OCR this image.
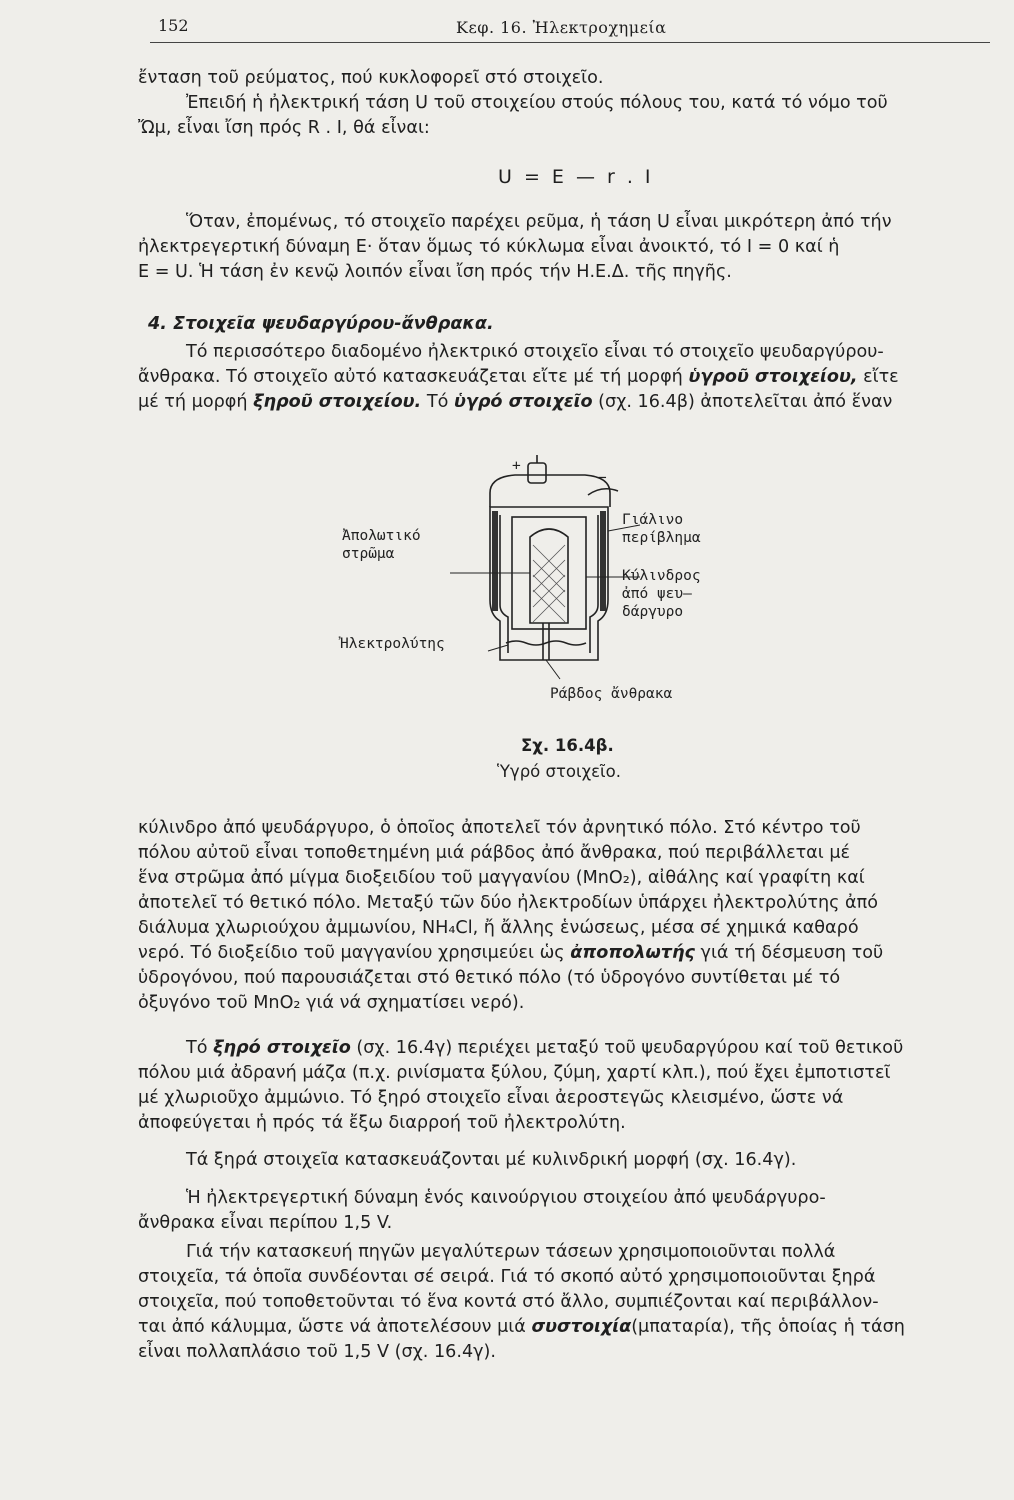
152	Κεφ. 16. Ἠλεκτροχημεία
ἔνταση τοῦ ρεύματος, πού κυκλοφορεῖ στό στοιχεῖο.
Ἐπειδή ἡ ἠλεκτρική τάση U τοῦ στοιχείου στούς πόλους του, κατά τό νόμο τοῦ
Ὤμ, εἶναι ἴση πρός R . I, θά εἶναι:
U = E — r . I
Ὅταν, ἐπομένως, τό στοιχεῖο παρέχει ρεῦμα, ἡ τάση U εἶναι μικρότερη ἀπό τήν
ἠλεκτρεγερτική δύναμη Ε· ὅταν ὅμως τό κύκλωμα εἶναι ἀνοικτό, τό I = 0 καί ἡ
E = U. Ἡ τάση ἐν κενῷ λοιπόν εἶναι ἴση πρός τήν Η.Ε.Δ. τῆς πηγῆς.
4. Στοιχεῖα ψευδαργύρου-ἄνθρακα.
Τό περισσότερο διαδομένο ἠλεκτρικό στοιχεῖο εἶναι τό στοιχεῖο ψευδαργύρου-
ἄνθρακα. Τό στοιχεῖο αὐτό κατασκευάζεται εἴτε μέ τή μορφή ὑγροῦ στοιχείου, εἴτε
μέ τή μορφή ξηροῦ στοιχείου. Τό ὑγρό στοιχεῖο (σχ. 16.4β) ἀποτελεῖται ἀπό ἕναν
+
−
Ἀπολωτικό
στρῶμα
Γιάλινο
περίβλημα
Κύλινδρος
ἀπό ψευ–
δάργυρο
Ἠλεκτρολύτης
Ράβδος ἄνθρακα
Σχ. 16.4β.
Ὑγρό στοιχεῖο.
κύλινδρο ἀπό ψευδάργυρο, ὁ ὁποῖος ἀποτελεῖ τόν ἀρνητικό πόλο. Στό κέντρο τοῦ
πόλου αὐτοῦ εἶναι τοποθετημένη μιά ράβδος ἀπό ἄνθρακα, πού περιβάλλεται μέ
ἕνα στρῶμα ἀπό μίγμα διοξειδίου τοῦ μαγγανίου (MnO₂), αἰθάλης καί γραφίτη καί
ἀποτελεῖ τό θετικό πόλο. Μεταξύ τῶν δύο ἠλεκτροδίων ὑπάρχει ἠλεκτρολύτης ἀπό
διάλυμα χλωριούχου ἀμμωνίου, NH₄Cl, ἤ ἄλλης ἑνώσεως, μέσα σέ χημικά καθαρό
νερό. Τό διοξείδιο τοῦ μαγγανίου χρησιμεύει ὡς ἀποπολωτής γιά τή δέσμευση τοῦ
ὑδρογόνου, πού παρουσιάζεται στό θετικό πόλο (τό ὑδρογόνο συντίθεται μέ τό
ὀξυγόνο τοῦ MnO₂ γιά νά σχηματίσει νερό).
Τό ξηρό στοιχεῖο (σχ. 16.4γ) περιέχει μεταξύ τοῦ ψευδαργύρου καί τοῦ θετικοῦ
πόλου μιά ἀδρανή μάζα (π.χ. ρινίσματα ξύλου, ζύμη, χαρτί κλπ.), πού ἔχει ἐμποτιστεῖ
μέ χλωριοῦχο ἀμμώνιο. Τό ξηρό στοιχεῖο εἶναι ἀεροστεγῶς κλεισμένο, ὥστε νά
ἀποφεύγεται ἡ πρός τά ἔξω διαρροή τοῦ ἠλεκτρολύτη.
Τά ξηρά στοιχεῖα κατασκευάζονται μέ κυλινδρική μορφή (σχ. 16.4γ).
Ἡ ἠλεκτρεγερτική δύναμη ἑνός καινούργιου στοιχείου ἀπό ψευδάργυρο-
ἄνθρακα εἶναι περίπου 1,5 V.
Γιά τήν κατασκευή πηγῶν μεγαλύτερων τάσεων χρησιμοποιοῦνται πολλά
στοιχεῖα, τά ὁποῖα συνδέονται σέ σειρά. Γιά τό σκοπό αὐτό χρησιμοποιοῦνται ξηρά
στοιχεῖα, πού τοποθετοῦνται τό ἕνα κοντά στό ἄλλο, συμπιέζονται καί περιβάλλον-
ται ἀπό κάλυμμα, ὥστε νά ἀποτελέσουν μιά συστοιχία(μπαταρία), τῆς ὁποίας ἡ τάση
εἶναι πολλαπλάσιο τοῦ 1,5 V (σχ. 16.4γ).
